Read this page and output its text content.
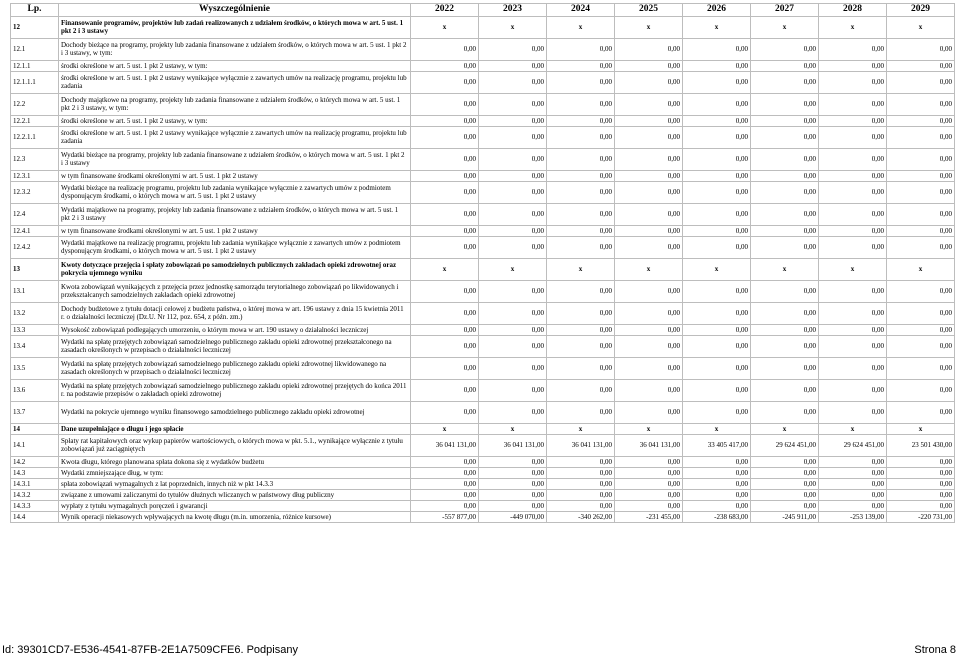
Lp.	Wyszczególnienie	2022	2023	2024	2025	2026	2027	2028	2029
12	Finansowanie programów, projektów lub zadań realizowanych z udziałem środków, o których mowa w art. 5 ust. 1 pkt 2 i 3 ustawy	x	x	x	x	x	x	x	x
12.1	Dochody bieżące na programy, projekty lub zadania finansowane z udziałem środków, o których mowa w art. 5 ust. 1 pkt 2 i 3 ustawy, w tym:	0,00	0,00	0,00	0,00	0,00	0,00	0,00	0,00
12.1.1	środki określone w art. 5 ust. 1 pkt 2 ustawy, w tym:	0,00	0,00	0,00	0,00	0,00	0,00	0,00	0,00
12.1.1.1	środki określone w art. 5 ust. 1 pkt 2 ustawy wynikające wyłącznie z zawartych umów na realizację programu, projektu lub zadania	0,00	0,00	0,00	0,00	0,00	0,00	0,00	0,00
12.2	Dochody majątkowe na programy, projekty lub zadania finansowane z udziałem środków, o których mowa w art. 5 ust. 1 pkt 2 i 3 ustawy, w tym:	0,00	0,00	0,00	0,00	0,00	0,00	0,00	0,00
12.2.1	środki określone w art. 5 ust. 1 pkt 2 ustawy, w tym:	0,00	0,00	0,00	0,00	0,00	0,00	0,00	0,00
12.2.1.1	środki określone w art. 5 ust. 1 pkt 2 ustawy wynikające wyłącznie z zawartych umów na realizację programu, projektu lub zadania	0,00	0,00	0,00	0,00	0,00	0,00	0,00	0,00
12.3	Wydatki bieżące na programy, projekty lub zadania finansowane z udziałem środków, o których mowa w art. 5 ust. 1 pkt 2 i 3 ustawy	0,00	0,00	0,00	0,00	0,00	0,00	0,00	0,00
12.3.1	w tym finansowane środkami określonymi w art. 5 ust. 1 pkt 2 ustawy	0,00	0,00	0,00	0,00	0,00	0,00	0,00	0,00
12.3.2	Wydatki bieżące na realizację programu, projektu lub zadania wynikające wyłącznie z zawartych umów z podmiotem dysponującym środkami, o których mowa w art. 5 ust. 1 pkt 2 ustawy	0,00	0,00	0,00	0,00	0,00	0,00	0,00	0,00
12.4	Wydatki majątkowe na programy, projekty lub zadania finansowane z udziałem środków, o których mowa w art. 5 ust. 1 pkt 2 i 3 ustawy	0,00	0,00	0,00	0,00	0,00	0,00	0,00	0,00
12.4.1	w tym finansowane środkami określonymi w art. 5 ust. 1 pkt 2 ustawy	0,00	0,00	0,00	0,00	0,00	0,00	0,00	0,00
12.4.2	Wydatki majątkowe na realizację programu, projektu lub zadania wynikające wyłącznie z zawartych umów z podmiotem dysponującym środkami, o których mowa w art. 5 ust. 1 pkt 2 ustawy	0,00	0,00	0,00	0,00	0,00	0,00	0,00	0,00
13	Kwoty dotyczące przejęcia i spłaty zobowiązań po samodzielnych publicznych zakładach opieki zdrowotnej oraz pokrycia ujemnego wyniku	x	x	x	x	x	x	x	x
13.1	Kwota zobowiązań wynikających z przejęcia przez jednostkę samorządu terytorialnego zobowiązań po likwidowanych i przekształcanych samodzielnych zakładach opieki zdrowotnej	0,00	0,00	0,00	0,00	0,00	0,00	0,00	0,00
13.2	Dochody budżetowe z tytułu dotacji celowej z budżetu państwa, o której mowa w art. 196 ustawy z dnia 15 kwietnia 2011 r. o działalności leczniczej (Dz.U. Nr 112, poz. 654, z późn. zm.)	0,00	0,00	0,00	0,00	0,00	0,00	0,00	0,00
13.3	Wysokość zobowiązań podlegających umorzeniu, o którym mowa w art. 190 ustawy o działalności leczniczej	0,00	0,00	0,00	0,00	0,00	0,00	0,00	0,00
13.4	Wydatki na spłatę przejętych zobowiązań samodzielnego publicznego zakładu opieki zdrowotnej przekształconego na zasadach określonych w przepisach o działalności leczniczej	0,00	0,00	0,00	0,00	0,00	0,00	0,00	0,00
13.5	Wydatki na spłatę przejętych zobowiązań samodzielnego publicznego zakładu opieki zdrowotnej likwidowanego na zasadach określonych w przepisach o działalności leczniczej	0,00	0,00	0,00	0,00	0,00	0,00	0,00	0,00
13.6	Wydatki na spłatę przejętych zobowiązań samodzielnego publicznego zakładu opieki zdrowotnej przejętych do końca 2011 r. na podstawie przepisów o zakładach opieki zdrowotnej	0,00	0,00	0,00	0,00	0,00	0,00	0,00	0,00
13.7	Wydatki na pokrycie ujemnego wyniku finansowego samodzielnego publicznego zakładu opieki zdrowotnej	0,00	0,00	0,00	0,00	0,00	0,00	0,00	0,00
14	Dane uzupełniające o długu i jego spłacie	x	x	x	x	x	x	x	x
14.1	Spłaty rat kapitałowych oraz wykup papierów wartościowych, o których mowa w pkt. 5.1., wynikające wyłącznie z tytułu zobowiązań już zaciągniętych	36 041 131,00	36 041 131,00	36 041 131,00	36 041 131,00	33 405 417,00	29 624 451,00	29 624 451,00	23 501 430,00
14.2	Kwota długu, którego planowana spłata dokona się z wydatków budżetu	0,00	0,00	0,00	0,00	0,00	0,00	0,00	0,00
14.3	Wydatki zmniejszające dług, w tym:	0,00	0,00	0,00	0,00	0,00	0,00	0,00	0,00
14.3.1	spłata zobowiązań wymagalnych z lat poprzednich, innych niż w pkt 14.3.3	0,00	0,00	0,00	0,00	0,00	0,00	0,00	0,00
14.3.2	związane z umowami zaliczanymi do tytułów dłużnych wliczanych w państwowy dług publiczny	0,00	0,00	0,00	0,00	0,00	0,00	0,00	0,00
14.3.3	wypłaty z tytułu wymagalnych poręczeń i gwarancji	0,00	0,00	0,00	0,00	0,00	0,00	0,00	0,00
14.4	Wynik operacji niekasowych wpływających na kwotę długu (m.in. umorzenia, różnice kursowe)	-557 877,00	-449 070,00	-340 262,00	-231 455,00	-238 683,00	-245 911,00	-253 139,00	-220 731,00
Id: 39301CD7-E536-4541-87FB-2E1A7509CFE6. Podpisany	Strona 8
